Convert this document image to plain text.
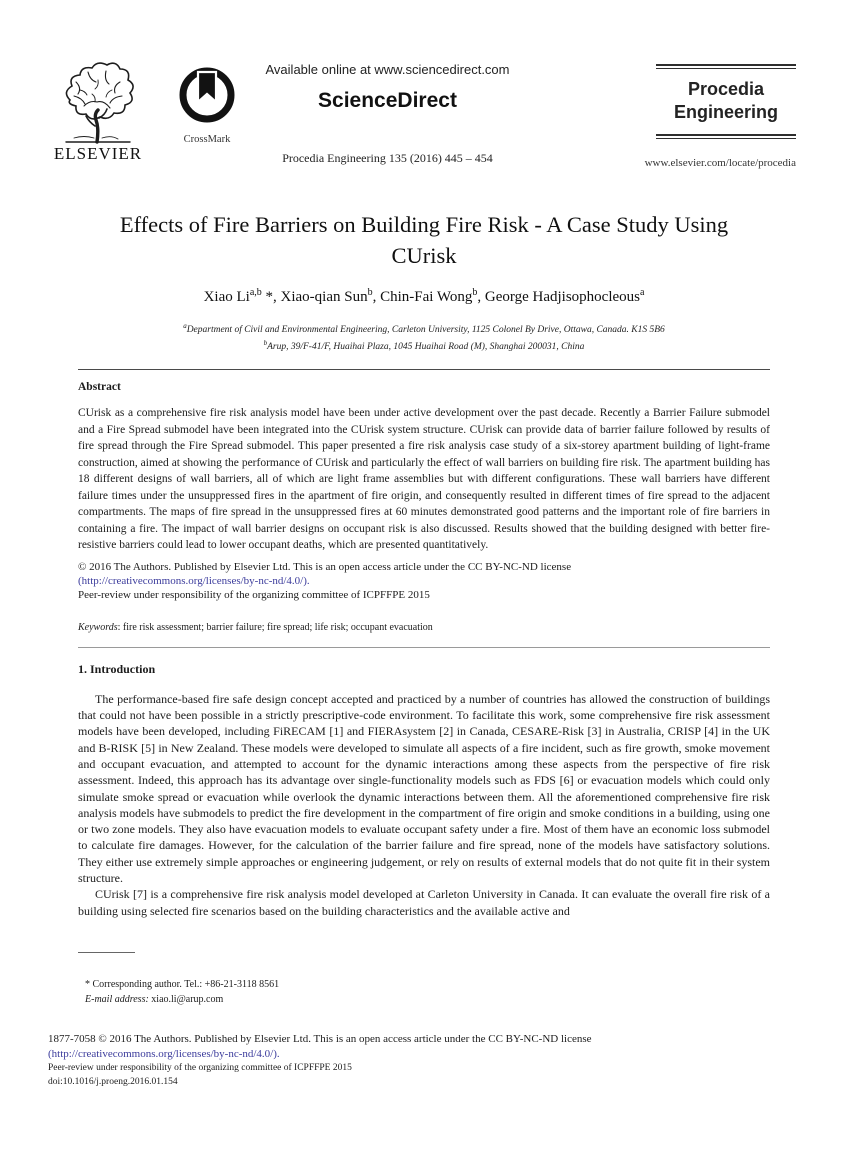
ELSEVIER
CrossMark
Available online at www.sciencedirect.com
ScienceDirect
Procedia Engineering 135 (2016) 445 – 454
Procedia
Engineering
www.elsevier.com/locate/procedia
Effects of Fire Barriers on Building Fire Risk - A Case Study Using
CUrisk
Xiao Li$^{a,b}$ *, Xiao-qian Sun$^b$, Chin-Fai Wong$^b$, George Hadjisophocleous$^a$
$^a$Department of Civil and Environmental Engineering, Carleton University, 1125 Colonel By Drive, Ottawa, Canada. K1S 5B6
$^b$Arup, 39/F-41/F, Huaihai Plaza, 1045 Huaihai Road (M), Shanghai 200031, China
Abstract
CUrisk as a comprehensive fire risk analysis model have been under active development over the past decade. Recently a Barrier Failure submodel and a Fire Spread submodel have been integrated into the CUrisk system structure. CUrisk can provide data of barrier failure followed by results of fire spread through the Fire Spread submodel. This paper presented a fire risk analysis case study of a six-storey apartment building of light-frame construction, aimed at showing the performance of CUrisk and particularly the effect of wall barriers on building fire risk. The apartment building has 18 different designs of wall barriers, all of which are light frame assemblies but with different configurations. These wall barriers have different failure times under the unsuppressed fires in the apartment of fire origin, and consequently resulted in different times of fire spread to the adjacent compartments. The maps of fire spread in the unsuppressed fires at 60 minutes demonstrated good patterns and the important role of fire barriers in containing a fire. The impact of wall barrier designs on occupant risk is also discussed. Results showed that the building designed with better fire-resistive barriers could lead to lower occupant deaths, which are presented quantitatively.
© 2016 The Authors. Published by Elsevier Ltd. This is an open access article under the CC BY-NC-ND license
(http://creativecommons.org/licenses/by-nc-nd/4.0/).
Peer-review under responsibility of the organizing committee of ICPFFPE 2015
Keywords: fire risk assessment; barrier failure; fire spread; life risk; occupant evacuation
1. Introduction

The performance-based fire safe design concept accepted and practiced by a number of countries has allowed the construction of buildings that could not have been possible in a strictly prescriptive-code environment. To facilitate this work, some comprehensive fire risk assessment models have been developed, including FiRECAM [1] and FIERAsystem [2] in Canada, CESARE-Risk [3] in Australia, CRISP [4] in the UK and B-RISK [5] in New Zealand. These models were developed to simulate all aspects of a fire incident, such as fire growth, smoke movement and occupant evacuation, and attempted to account for the dynamic interactions among these aspects from the perspective of fire risk assessment. Indeed, this approach has its advantage over single-functionality models such as FDS [6] or evacuation models which could only simulate smoke spread or evacuation while overlook the dynamic interactions between them. All the aforementioned comprehensive fire risk analysis models have submodels to predict the fire development in the compartment of fire origin and smoke conditions in a building, using one or two zone models. They also have evacuation models to evaluate occupant safety under a fire. Most of them have an economic loss submodel to calculate fire damages. However, for the calculation of the barrier failure and fire spread, none of the models have satisfactory solutions. They either use extremely simple approaches or engineering judgement, or rely on results of external models that do not quite fit in their system structure.

CUrisk [7] is a comprehensive fire risk analysis model developed at Carleton University in Canada. It can evaluate the overall fire risk of a building using selected fire scenarios based on the building characteristics and the available active and

* Corresponding author. Tel.: +86-21-3118 8561
E-mail address: xiao.li@arup.com
1877-7058 © 2016 The Authors. Published by Elsevier Ltd. This is an open access article under the CC BY-NC-ND license
(http://creativecommons.org/licenses/by-nc-nd/4.0/).
Peer-review under responsibility of the organizing committee of ICPFFPE 2015
doi:10.1016/j.proeng.2016.01.154
